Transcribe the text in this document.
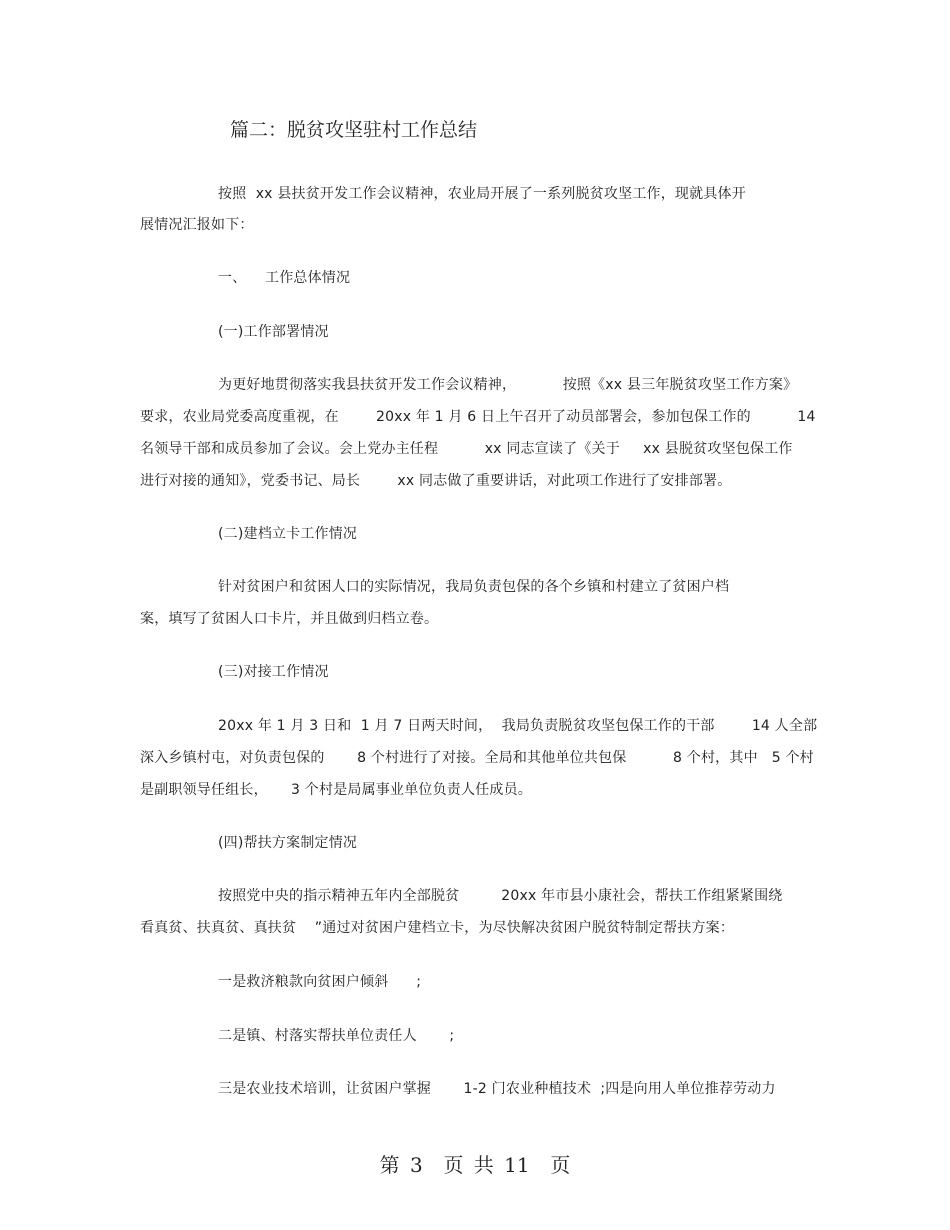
篇二：脱贫攻坚驻村工作总结
按照  xx 县扶贫开发工作会议精神，农业局开展了一系列脱贫攻坚工作，现就具体开
展情况汇报如下：
一、    工作总体情况
(一)工作部署情况
为更好地贯彻落实我县扶贫开发工作会议精神，          按照《xx 县三年脱贫攻坚工作方案》
要求，农业局党委高度重视，在        20xx 年 1 月 6 日上午召开了动员部署会，参加包保工作的          14
名领导干部和成员参加了会议。会上党办主任程          xx 同志宣读了《关于     xx 县脱贫攻坚包保工作
进行对接的通知》，党委书记、局长        xx 同志做了重要讲话，对此项工作进行了安排部署。
(二)建档立卡工作情况
针对贫困户和贫困人口的实际情况，我局负责包保的各个乡镇和村建立了贫困户档
案，填写了贫困人口卡片，并且做到归档立卷。
(三)对接工作情况
20xx 年 1 月 3 日和  1 月 7 日两天时间，  我局负责脱贫攻坚包保工作的干部        14 人全部
深入乡镇村屯，对负责包保的       8 个村进行了对接。全局和其他单位共包保          8 个村，其中   5 个村
是副职领导任组长，     3 个村是局属事业单位负责人任成员。
(四)帮扶方案制定情况
按照党中央的指示精神五年内全部脱贫         20xx 年市县小康社会，帮扶工作组紧紧围绕
看真贫、扶真贫、真扶贫    ”通过对贫困户建档立卡，为尽快解决贫困户脱贫特制定帮扶方案：
一是救济粮款向贫困户倾斜      ;
二是镇、村落实帮扶单位责任人       ;
三是农业技术培训，让贫困户掌握       1-2 门农业种植技术  ;四是向用人单位推荐劳动力
第 3  页 共 11  页
